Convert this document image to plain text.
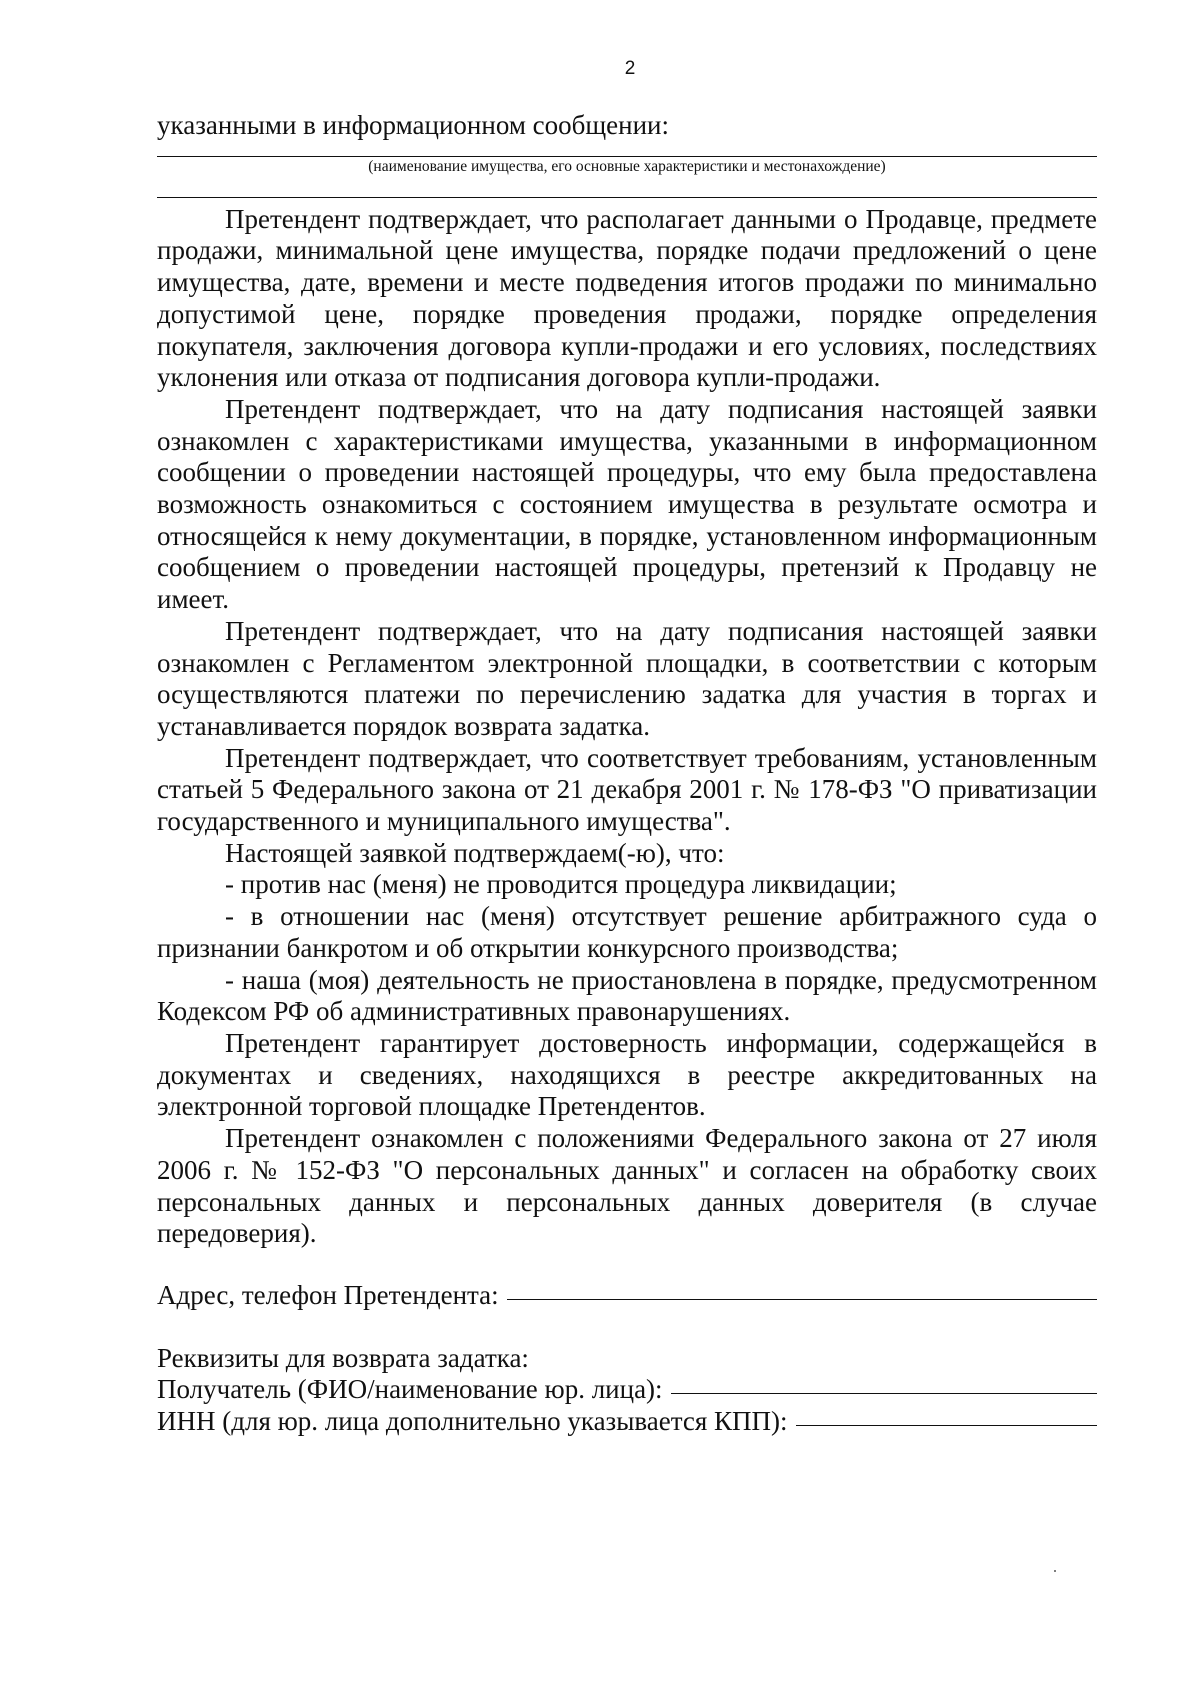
2

указанными в информационном сообщении:

(наименование имущества, его основные характеристики и местонахождение)

Претендент подтверждает, что располагает данными о Продавце, предмете продажи, минимальной цене имущества, порядке подачи предложений о цене имущества, дате, времени и месте подведения итогов продажи по минимально допустимой цене, порядке проведения продажи, порядке определения покупателя, заключения договора купли-продажи и его условиях, последствиях уклонения или отказа от подписания договора купли-продажи.

Претендент подтверждает, что на дату подписания настоящей заявки ознакомлен с характеристиками имущества, указанными в информационном сообщении о проведении настоящей процедуры, что ему была предоставлена возможность ознакомиться с состоянием имущества в результате осмотра и относящейся к нему документации, в порядке, установленном информационным сообщением о проведении настоящей процедуры, претензий к Продавцу не имеет.

Претендент подтверждает, что на дату подписания настоящей заявки ознакомлен с Регламентом электронной площадки, в соответствии с которым осуществляются платежи по перечислению задатка для участия в торгах и устанавливается порядок возврата задатка.

Претендент подтверждает, что соответствует требованиям, установленным статьей 5 Федерального закона от 21 декабря 2001 г. № 178-ФЗ "О приватизации государственного и муниципального имущества".

Настоящей заявкой подтверждаем(-ю), что:

- против нас (меня) не проводится процедура ликвидации;

- в отношении нас (меня) отсутствует решение арбитражного суда о признании банкротом и об открытии конкурсного производства;

- наша (моя) деятельность не приостановлена в порядке, предусмотренном Кодексом РФ об административных правонарушениях.

Претендент гарантирует достоверность информации, содержащейся в документах и сведениях, находящихся в реестре аккредитованных на электронной торговой площадке Претендентов.

Претендент ознакомлен с положениями Федерального закона от 27 июля 2006 г. № 152-ФЗ "О персональных данных" и согласен на обработку своих персональных данных и персональных данных доверителя (в случае передоверия).

Адрес, телефон Претендента:
Реквизиты для возврата задатка:
Получатель (ФИО/наименование юр. лица):
ИНН (для юр. лица дополнительно указывается КПП):
